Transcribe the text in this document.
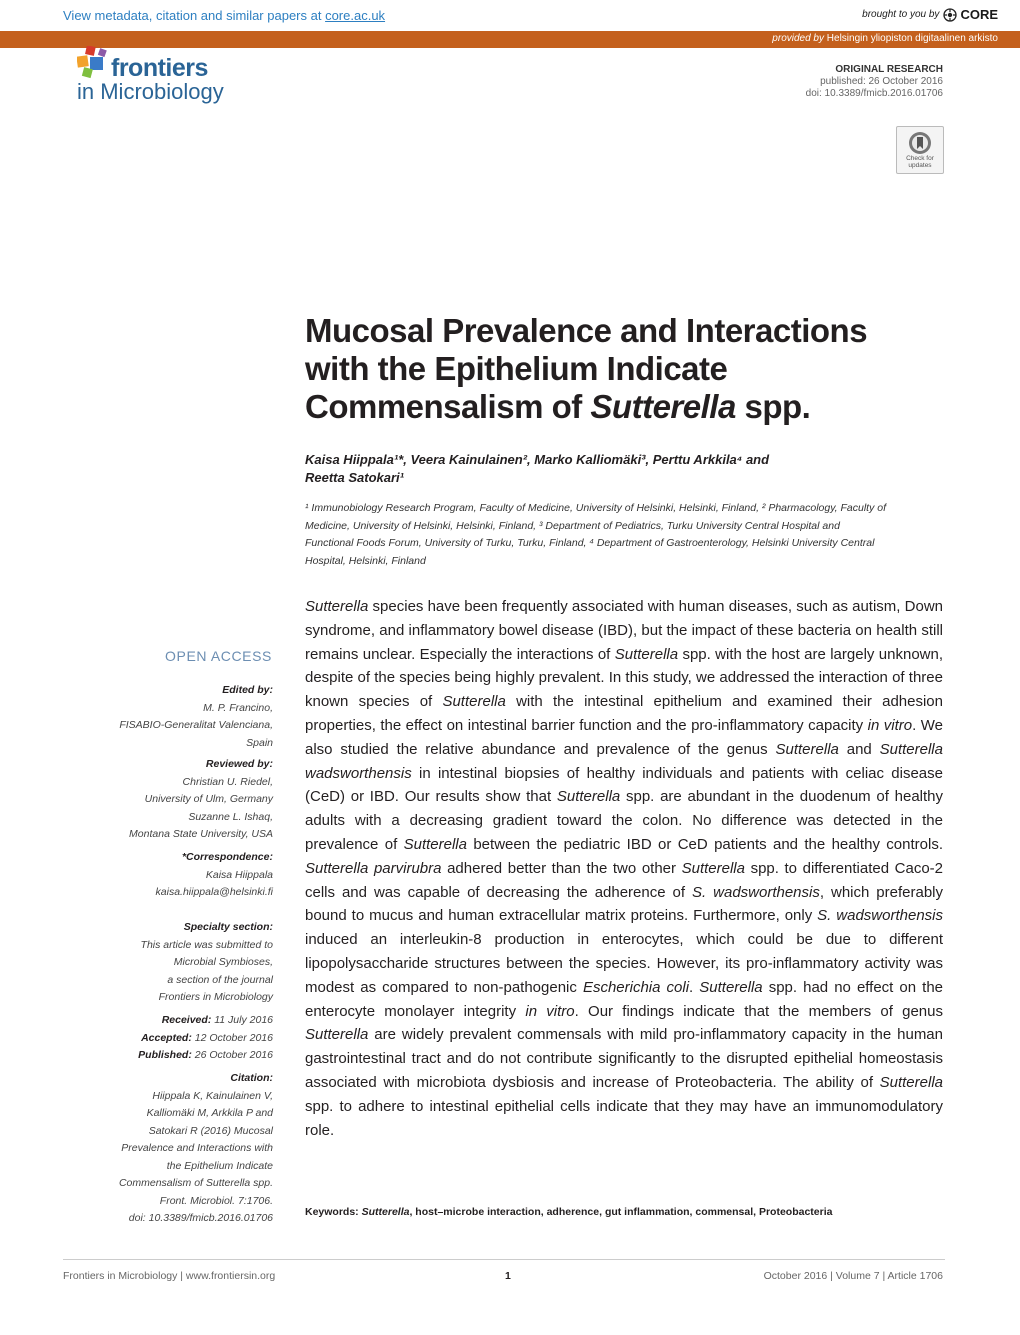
View metadata, citation and similar papers at core.ac.uk	brought to you by CORE
provided by Helsingin yliopiston digitaalinen arkisto
frontiers
in Microbiology
ORIGINAL RESEARCH
published: 26 October 2016
doi: 10.3389/fmicb.2016.01706
Check for updates
Mucosal Prevalence and Interactions
with the Epithelium Indicate
Commensalism of Sutterella spp.
Kaisa Hiippala¹*, Veera Kainulainen², Marko Kalliomäki³, Perttu Arkkila⁴ and
Reetta Satokari¹
¹ Immunobiology Research Program, Faculty of Medicine, University of Helsinki, Helsinki, Finland, ² Pharmacology, Faculty of
Medicine, University of Helsinki, Helsinki, Finland, ³ Department of Pediatrics, Turku University Central Hospital and
Functional Foods Forum, University of Turku, Turku, Finland, ⁴ Department of Gastroenterology, Helsinki University Central
Hospital, Helsinki, Finland
OPEN ACCESS
Edited by:
M. P. Francino,
FISABIO-Generalitat Valenciana,
Spain
Reviewed by:
Christian U. Riedel,
University of Ulm, Germany
Suzanne L. Ishaq,
Montana State University, USA
*Correspondence:
Kaisa Hiippala
kaisa.hiippala@helsinki.fi
Specialty section:
This article was submitted to
Microbial Symbioses,
a section of the journal
Frontiers in Microbiology
Received: 11 July 2016
Accepted: 12 October 2016
Published: 26 October 2016
Citation:
Hiippala K, Kainulainen V,
Kalliomäki M, Arkkila P and
Satokari R (2016) Mucosal
Prevalence and Interactions with
the Epithelium Indicate
Commensalism of Sutterella spp.
Front. Microbiol. 7:1706.
doi: 10.3389/fmicb.2016.01706
Sutterella species have been frequently associated with human diseases, such as autism, Down syndrome, and inflammatory bowel disease (IBD), but the impact of these bacteria on health still remains unclear. Especially the interactions of Sutterella spp. with the host are largely unknown, despite of the species being highly prevalent. In this study, we addressed the interaction of three known species of Sutterella with the intestinal epithelium and examined their adhesion properties, the effect on intestinal barrier function and the pro-inflammatory capacity in vitro. We also studied the relative abundance and prevalence of the genus Sutterella and Sutterella wadsworthensis in intestinal biopsies of healthy individuals and patients with celiac disease (CeD) or IBD. Our results show that Sutterella spp. are abundant in the duodenum of healthy adults with a decreasing gradient toward the colon. No difference was detected in the prevalence of Sutterella between the pediatric IBD or CeD patients and the healthy controls. Sutterella parvirubra adhered better than the two other Sutterella spp. to differentiated Caco-2 cells and was capable of decreasing the adherence of S. wadsworthensis, which preferably bound to mucus and human extracellular matrix proteins. Furthermore, only S. wadsworthensis induced an interleukin-8 production in enterocytes, which could be due to different lipopolysaccharide structures between the species. However, its pro-inflammatory activity was modest as compared to non-pathogenic Escherichia coli. Sutterella spp. had no effect on the enterocyte monolayer integrity in vitro. Our findings indicate that the members of genus Sutterella are widely prevalent commensals with mild pro-inflammatory capacity in the human gastrointestinal tract and do not contribute significantly to the disrupted epithelial homeostasis associated with microbiota dysbiosis and increase of Proteobacteria. The ability of Sutterella spp. to adhere to intestinal epithelial cells indicate that they may have an immunomodulatory role.
Keywords: Sutterella, host–microbe interaction, adherence, gut inflammation, commensal, Proteobacteria
Frontiers in Microbiology | www.frontiersin.org	1	October 2016 | Volume 7 | Article 1706
